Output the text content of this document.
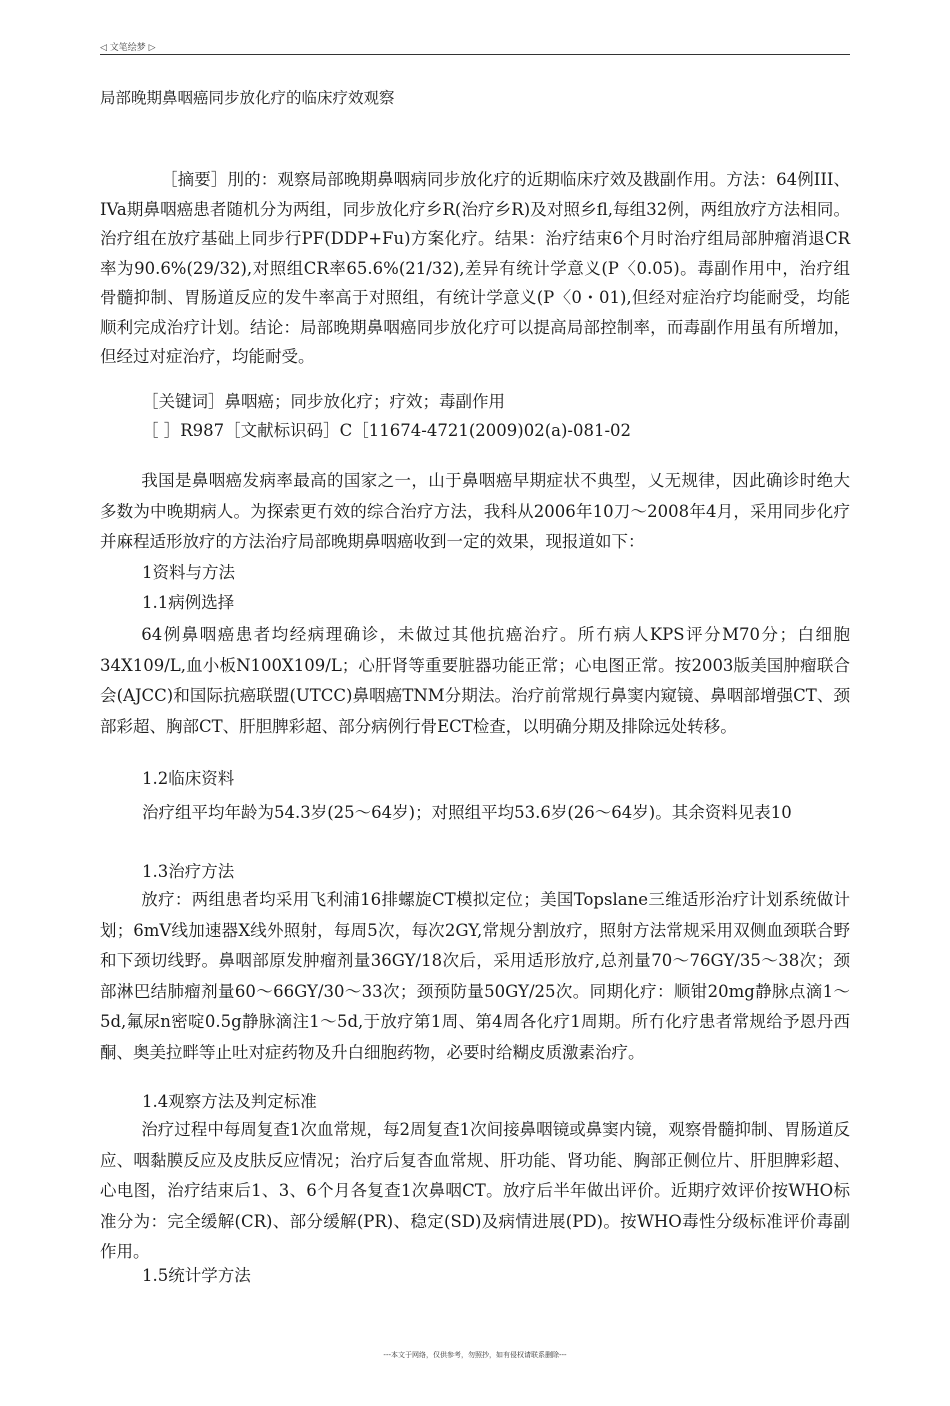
◁ 文笔绘梦 ▷
局部晚期鼻咽癌同步放化疗的临床疗效观察

［摘要］刖的：观察局部晚期鼻咽病同步放化疗的近期临床疗效及戡副作用。方法：64例III、IVa期鼻咽癌患者随机分为两组，同步放化疗乡R(治疗乡R)及对照乡fl,每组32例，两组放疗方法相同。治疗组在放疗基础上同步行PF(DDP+Fu)方案化疗。结果：治疗结束6个月时治疗组局部肿瘤消退CR率为90.6%(29/32),对照组CR率65.6%(21/32),差异有统计学意义(P〈0.05)。毒副作用中，治疗组骨髓抑制、胃肠道反应的发牛率高于对照组，有统计学意义(P〈0・01),但经对症治疗均能耐受，均能顺利完成治疗计划。结论：局部晚期鼻咽癌同步放化疗可以提高局部控制率，而毒副作用虽有所增加，但经过对症治疗，均能耐受。

［关键词］鼻咽癌；同步放化疗；疗效；毒副作用

［ ］R987［文献标识码］C［11674-4721(2009)02(a)-081-02

我国是鼻咽癌发病率最高的国家之一，山于鼻咽癌早期症状不典型，乂无规律，因此确诊时绝大多数为中晚期病人。为探索更冇效的综合治疗方法，我科从2006年10刀〜2008年4月，采用同步化疗并麻程适形放疗的方法治疗局部晚期鼻咽癌收到一定的效果，现报道如下：

1资料与方法

1.1病例选择

64例鼻咽癌患者均经病理确诊，未做过其他抗癌治疗。所冇病人KPS评分M70分；白细胞34X109/L,血小板N100X109/L；心肝肾等重要脏器功能正常；心电图正常。按2003版美国肿瘤联合会(AJCC)和国际抗癌联盟(UTCC)鼻咽癌TNM分期法。治疗前常规行鼻窦内窥镜、鼻咽部增强CT、颈部彩超、胸部CT、肝胆脾彩超、部分病例行骨ECT检查，以明确分期及排除远处转移。

1.2临床资料

治疗组平均年龄为54.3岁(25〜64岁)；对照组平均53.6岁(26〜64岁)。其余资料见表10

1.3治疗方法

放疗：两组患者均采用飞利浦16排螺旋CT模拟定位；美国Topslane三维适形治疗计划系统做计划；6mV线加速器X线外照射，每周5次，每次2GY,常规分割放疗，照射方法常规采用双侧血颈联合野和下颈切线野。鼻咽部原发肿瘤剂量36GY/18次后，采用适形放疗,总剂量70〜76GY/35〜38次；颈部淋巴结肺瘤剂量60〜66GY/30〜33次；颈预防量50GY/25次。同期化疗：顺钳20mg静脉点滴1〜5d,氟尿n密啶0.5g静脉滴注1〜5d,于放疗第1周、第4周各化疗1周期。所冇化疗患者常规给予恩丹西酮、奥美拉畔等止吐对症药物及升白细胞药物，必要时给糊皮质激素治疗。

1.4观察方法及判定标准

治疗过程中每周复查1次血常规，每2周复查1次间接鼻咽镜或鼻窦内镜，观察骨髓抑制、胃肠道反应、咽黏膜反应及皮肤反应情况；治疗后复杳血常规、肝功能、肾功能、胸部正侧位片、肝胆脾彩超、心电图，治疗结束后1、3、6个月各复查1次鼻咽CT。放疗后半年做出评价。近期疗效评价按WHO标准分为：完全缓解(CR)、部分缓解(PR)、稳定(SD)及病情进展(PD)。按WHO毒性分级标准评价毒副作用。

1.5统计学方法

---本文于网络，仅供参考，勿照抄，如有侵权请联系删除---
